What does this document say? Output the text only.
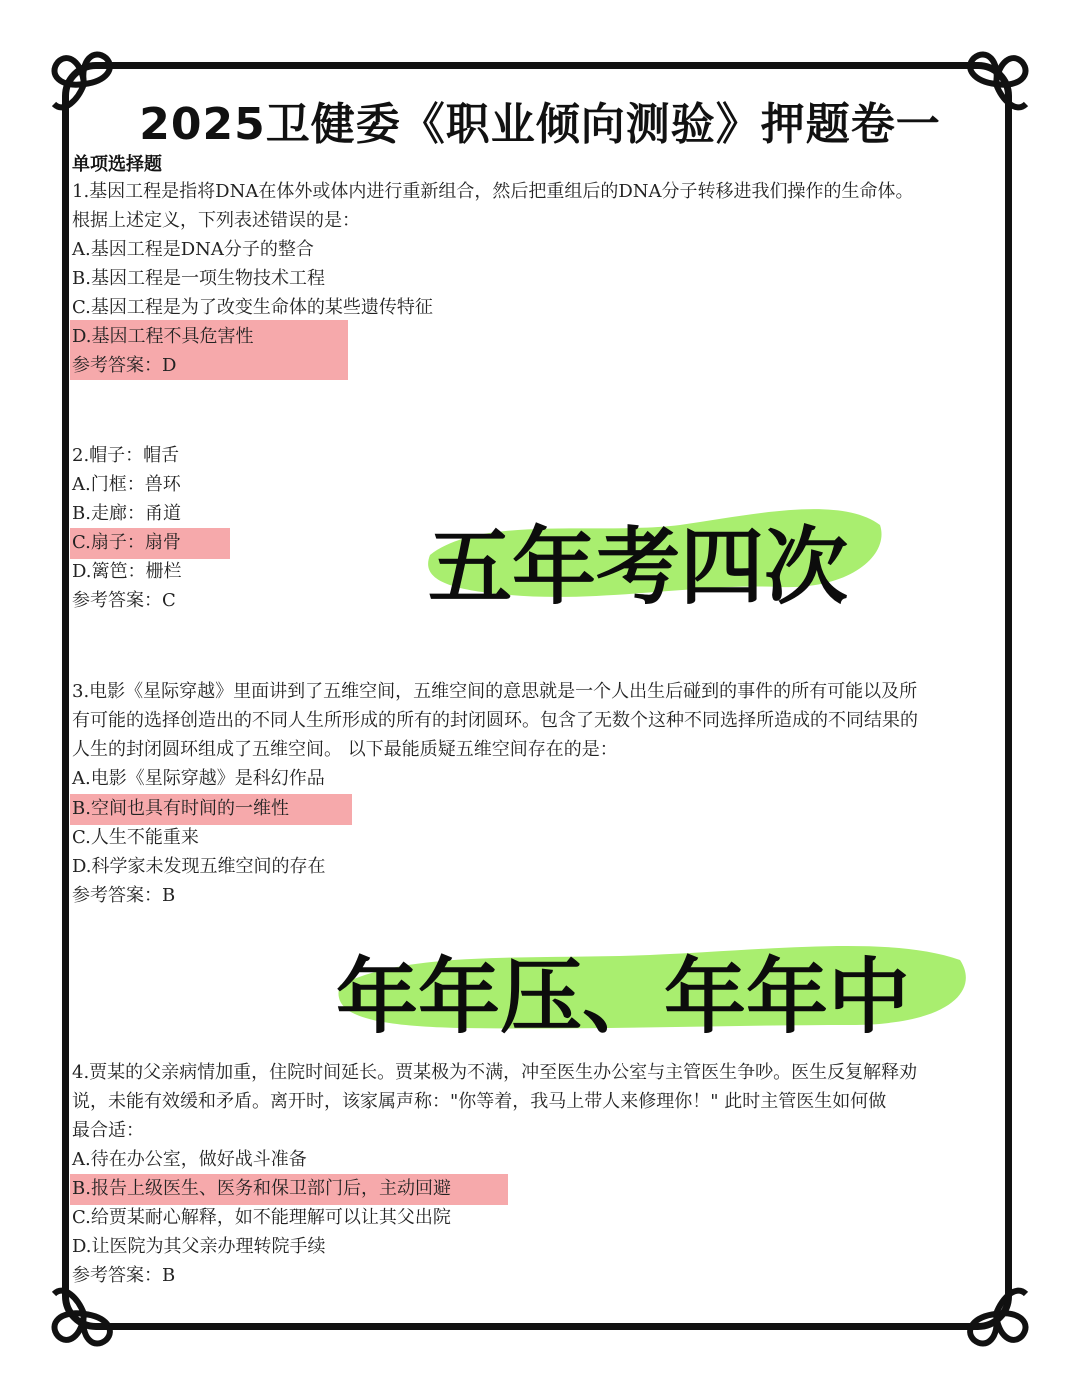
2025卫健委《职业倾向测验》押题卷一
单项选择题
1.基因工程是指将DNA在体外或体内进行重新组合，然后把重组后的DNA分子转移进我们操作的生命体。
根据上述定义，下列表述错误的是：
A.基因工程是DNA分子的整合
B.基因工程是一项生物技术工程
C.基因工程是为了改变生命体的某些遗传特征
D.基因工程不具危害性
参考答案：D
2.帽子：帽舌
A.门框：兽环
B.走廊：甬道
C.扇子：扇骨
D.篱笆：栅栏
参考答案：C	五年考四次
3.电影《星际穿越》里面讲到了五维空间，五维空间的意思就是一个人出生后碰到的事件的所有可能以及所
有可能的选择创造出的不同人生所形成的所有的封闭圆环。包含了无数个这种不同选择所造成的不同结果的
人生的封闭圆环组成了五维空间。 以下最能质疑五维空间存在的是：
A.电影《星际穿越》是科幻作品
B.空间也具有时间的一维性
C.人生不能重来
D.科学家未发现五维空间的存在
参考答案：B
年年压、年年中
4.贾某的父亲病情加重，住院时间延长。贾某极为不满，冲至医生办公室与主管医生争吵。医生反复解释劝
说，未能有效缓和矛盾。离开时，该家属声称："你等着，我马上带人来修理你！" 此时主管医生如何做
最合适：
A.待在办公室，做好战斗准备
B.报告上级医生、医务和保卫部门后，主动回避
C.给贾某耐心解释，如不能理解可以让其父出院
D.让医院为其父亲办理转院手续
参考答案：B
